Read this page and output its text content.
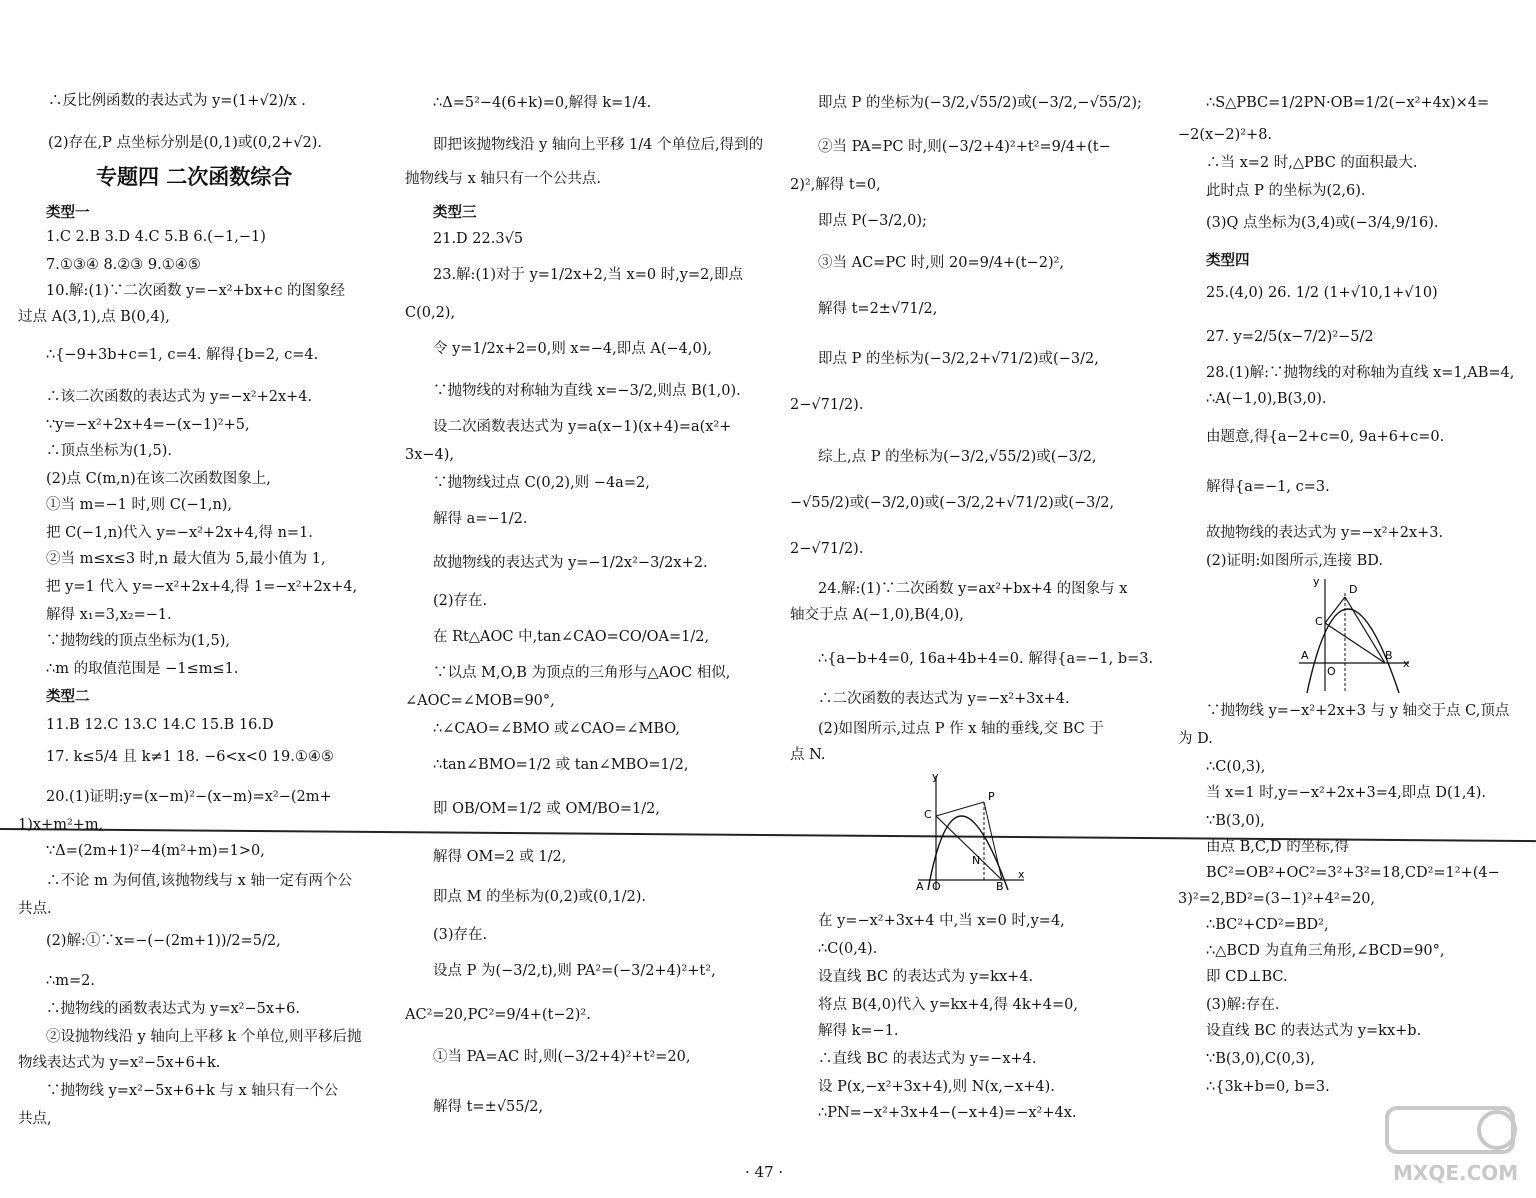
∴反比例函数的表达式为 y=(1+√2)/x .
(2)存在,P 点坐标分别是(0,1)或(0,2+√2).
专题四 二次函数综合
类型一
1.C 2.B 3.D 4.C 5.B 6.(−1,−1)
7.①③④ 8.②③ 9.①④⑤
10.解:(1)∵二次函数 y=−x²+bx+c 的图象经
过点 A(3,1),点 B(0,4),
∴{−9+3b+c=1, c=4. 解得{b=2, c=4.
∴该二次函数的表达式为 y=−x²+2x+4.
∵y=−x²+2x+4=−(x−1)²+5,
∴顶点坐标为(1,5).
(2)点 C(m,n)在该二次函数图象上,
①当 m=−1 时,则 C(−1,n),
把 C(−1,n)代入 y=−x²+2x+4,得 n=1.
②当 m≤x≤3 时,n 最大值为 5,最小值为 1,
把 y=1 代入 y=−x²+2x+4,得 1=−x²+2x+4,
解得 x₁=3,x₂=−1.
∵抛物线的顶点坐标为(1,5),
∴m 的取值范围是 −1≤m≤1.
类型二
11.B 12.C 13.C 14.C 15.B 16.D
17. k≤5/4 且 k≠1 18. −6<x<0 19.①④⑤
20.(1)证明:y=(x−m)²−(x−m)=x²−(2m+
1)x+m²+m,
∵Δ=(2m+1)²−4(m²+m)=1>0,
∴不论 m 为何值,该抛物线与 x 轴一定有两个公
共点.
(2)解:①∵x=−(−(2m+1))/2=5/2,
∴m=2.
∴抛物线的函数表达式为 y=x²−5x+6.
②设抛物线沿 y 轴向上平移 k 个单位,则平移后抛
物线表达式为 y=x²−5x+6+k.
∵抛物线 y=x²−5x+6+k 与 x 轴只有一个公
共点,
∴Δ=5²−4(6+k)=0,解得 k=1/4.
即把该抛物线沿 y 轴向上平移 1/4 个单位后,得到的
抛物线与 x 轴只有一个公共点.
类型三
21.D 22.3√5
23.解:(1)对于 y=1/2x+2,当 x=0 时,y=2,即点
C(0,2),
令 y=1/2x+2=0,则 x=−4,即点 A(−4,0),
∵抛物线的对称轴为直线 x=−3/2,则点 B(1,0).
设二次函数表达式为 y=a(x−1)(x+4)=a(x²+
3x−4),
∵抛物线过点 C(0,2),则 −4a=2,
解得 a=−1/2.
故抛物线的表达式为 y=−1/2x²−3/2x+2.
(2)存在.
在 Rt△AOC 中,tan∠CAO=CO/OA=1/2,
∵以点 M,O,B 为顶点的三角形与△AOC 相似,
∠AOC=∠MOB=90°,
∴∠CAO=∠BMO 或∠CAO=∠MBO,
∴tan∠BMO=1/2 或 tan∠MBO=1/2,
即 OB/OM=1/2 或 OM/BO=1/2,
解得 OM=2 或 1/2,
即点 M 的坐标为(0,2)或(0,1/2).
(3)存在.
设点 P 为(−3/2,t),则 PA²=(−3/2+4)²+t²,
AC²=20,PC²=9/4+(t−2)².
①当 PA=AC 时,则(−3/2+4)²+t²=20,
解得 t=±√55/2,
即点 P 的坐标为(−3/2,√55/2)或(−3/2,−√55/2);
②当 PA=PC 时,则(−3/2+4)²+t²=9/4+(t−
2)²,解得 t=0,
即点 P(−3/2,0);
③当 AC=PC 时,则 20=9/4+(t−2)²,
解得 t=2±√71/2,
即点 P 的坐标为(−3/2,2+√71/2)或(−3/2,
2−√71/2).
综上,点 P 的坐标为(−3/2,√55/2)或(−3/2,
−√55/2)或(−3/2,0)或(−3/2,2+√71/2)或(−3/2,
2−√71/2).
24.解:(1)∵二次函数 y=ax²+bx+4 的图象与 x
轴交于点 A(−1,0),B(4,0),
∴{a−b+4=0, 16a+4b+4=0. 解得{a=−1, b=3.
∴二次函数的表达式为 y=−x²+3x+4.
(2)如图所示,过点 P 作 x 轴的垂线,交 BC 于
点 N.
在 y=−x²+3x+4 中,当 x=0 时,y=4,
∴C(0,4).
设直线 BC 的表达式为 y=kx+4.
将点 B(4,0)代入 y=kx+4,得 4k+4=0,
解得 k=−1.
∴直线 BC 的表达式为 y=−x+4.
设 P(x,−x²+3x+4),则 N(x,−x+4).
∴PN=−x²+3x+4−(−x+4)=−x²+4x.
y
C
P
N
A O	B
x
∴S△PBC=1/2PN·OB=1/2(−x²+4x)×4=
−2(x−2)²+8.
∴当 x=2 时,△PBC 的面积最大.
此时点 P 的坐标为(2,6).
(3)Q 点坐标为(3,4)或(−3/4,9/16).
类型四
25.(4,0) 26. 1/2 (1+√10,1+√10)
27. y=2/5(x−7/2)²−5/2
28.(1)解:∵抛物线的对称轴为直线 x=1,AB=4,
∴A(−1,0),B(3,0).
由题意,得{a−2+c=0, 9a+6+c=0.
解得{a=−1, c=3.
故抛物线的表达式为 y=−x²+2x+3.
(2)证明:如图所示,连接 BD.
∵抛物线 y=−x²+2x+3 与 y 轴交于点 C,顶点
为 D.
∴C(0,3),
当 x=1 时,y=−x²+2x+3=4,即点 D(1,4).
∵B(3,0),
由点 B,C,D 的坐标,得
BC²=OB²+OC²=3²+3²=18,CD²=1²+(4−
3)²=2,BD²=(3−1)²+4²=20,
∴BC²+CD²=BD²,
∴△BCD 为直角三角形,∠BCD=90°,
即 CD⊥BC.
(3)解:存在.
设直线 BC 的表达式为 y=kx+b.
∵B(3,0),C(0,3),
∴{3k+b=0, b=3.
y
D
C
A
O
B
x
· 47 ·	MXQE.COM
